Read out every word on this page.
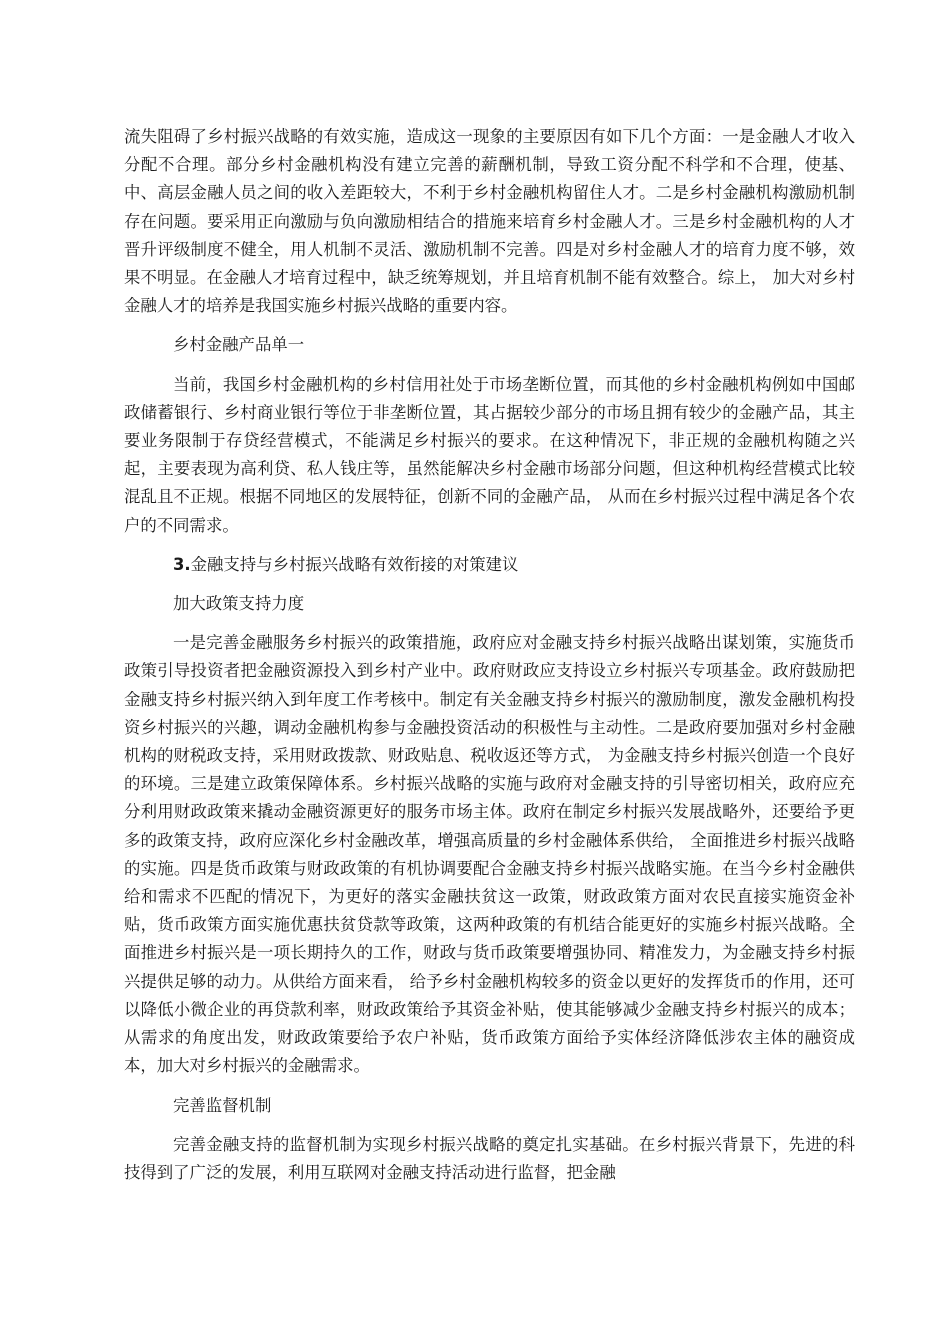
流失阻碍了乡村振兴战略的有效实施，造成这一现象的主要原因有如下几个方面：一是金融人才收入分配不合理。部分乡村金融机构没有建立完善的薪酬机制，导致工资分配不科学和不合理，使基、中、高层金融人员之间的收入差距较大，不利于乡村金融机构留住人才。二是乡村金融机构激励机制存在问题。要采用正向激励与负向激励相结合的措施来培育乡村金融人才。三是乡村金融机构的人才晋升评级制度不健全，用人机制不灵活、激励机制不完善。四是对乡村金融人才的培育力度不够，效果不明显。在金融人才培育过程中，缺乏统筹规划，并且培育机制不能有效整合。综上， 加大对乡村金融人才的培养是我国实施乡村振兴战略的重要内容。

乡村金融产品单一

当前，我国乡村金融机构的乡村信用社处于市场垄断位置，而其他的乡村金融机构例如中国邮政储蓄银行、乡村商业银行等位于非垄断位置，其占据较少部分的市场且拥有较少的金融产品，其主要业务限制于存贷经营模式，不能满足乡村振兴的要求。在这种情况下，非正规的金融机构随之兴起，主要表现为高利贷、私人钱庄等，虽然能解决乡村金融市场部分问题，但这种机构经营模式比较混乱且不正规。根据不同地区的发展特征，创新不同的金融产品， 从而在乡村振兴过程中满足各个农户的不同需求。

3.金融支持与乡村振兴战略有效衔接的对策建议
加大政策支持力度

一是完善金融服务乡村振兴的政策措施，政府应对金融支持乡村振兴战略出谋划策，实施货币政策引导投资者把金融资源投入到乡村产业中。政府财政应支持设立乡村振兴专项基金。政府鼓励把金融支持乡村振兴纳入到年度工作考核中。制定有关金融支持乡村振兴的激励制度，激发金融机构投资乡村振兴的兴趣，调动金融机构参与金融投资活动的积极性与主动性。二是政府要加强对乡村金融机构的财税政支持，采用财政拨款、财政贴息、税收返还等方式， 为金融支持乡村振兴创造一个良好的环境。三是建立政策保障体系。乡村振兴战略的实施与政府对金融支持的引导密切相关，政府应充分利用财政政策来撬动金融资源更好的服务市场主体。政府在制定乡村振兴发展战略外，还要给予更多的政策支持，政府应深化乡村金融改革，增强高质量的乡村金融体系供给， 全面推进乡村振兴战略的实施。四是货币政策与财政政策的有机协调要配合金融支持乡村振兴战略实施。在当今乡村金融供给和需求不匹配的情况下，为更好的落实金融扶贫这一政策，财政政策方面对农民直接实施资金补贴，货币政策方面实施优惠扶贫贷款等政策，这两种政策的有机结合能更好的实施乡村振兴战略。全面推进乡村振兴是一项长期持久的工作，财政与货币政策要增强协同、精准发力，为金融支持乡村振兴提供足够的动力。从供给方面来看， 给予乡村金融机构较多的资金以更好的发挥货币的作用，还可以降低小微企业的再贷款利率，财政政策给予其资金补贴，使其能够减少金融支持乡村振兴的成本；从需求的角度出发，财政政策要给予农户补贴，货币政策方面给予实体经济降低涉农主体的融资成本，加大对乡村振兴的金融需求。

完善监督机制

完善金融支持的监督机制为实现乡村振兴战略的奠定扎实基础。在乡村振兴背景下，先进的科技得到了广泛的发展，利用互联网对金融支持活动进行监督，把金融
